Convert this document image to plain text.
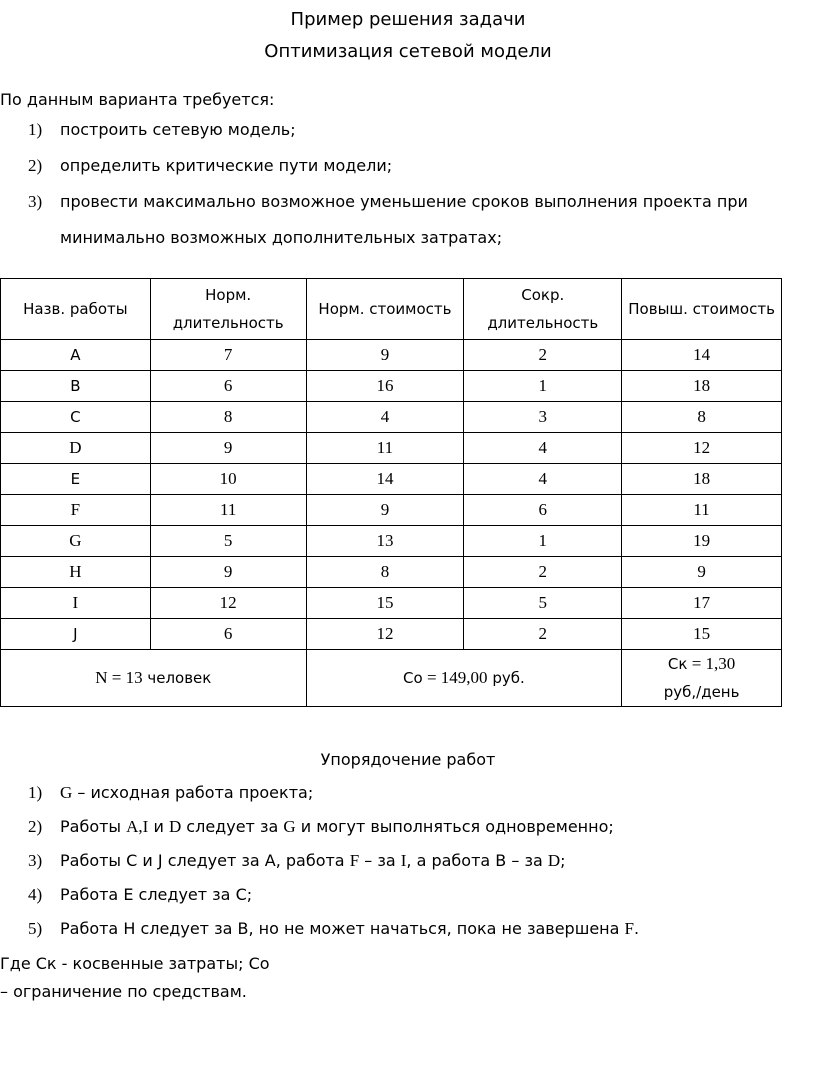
Пример решения задачи
Оптимизация сетевой модели
По данным варианта требуется:
1) построить сетевую модель;
2) определить критические пути модели;
3) провести максимально возможное уменьшение сроков выполнения проекта при минимально возможных дополнительных затратах;
Назв. работы	Норм. длительность	Норм. стоимость	Сокр. длительность	Повыш. стоимость
A	7	9	2	14
B	6	16	1	18
C	8	4	3	8
D	9	11	4	12
E	10	14	4	18
F	11	9	6	11
G	5	13	1	19
H	9	8	2	9
I	12	15	5	17
J	6	12	2	15
N = 13 человек		Со = 149,00 руб.		Ск = 1,30
руб,/день
Упорядочение работ
1) G – исходная работа проекта;
2) Работы A,I и D следует за G и могут выполняться одновременно;
3) Работы C и J следует за A, работа F – за I, а работа B – за D;
4) Работа E следует за C;
5) Работа H следует за B, но не может начаться, пока не завершена F.
Где Ск - косвенные затраты; Со
– ограничение по средствам.
